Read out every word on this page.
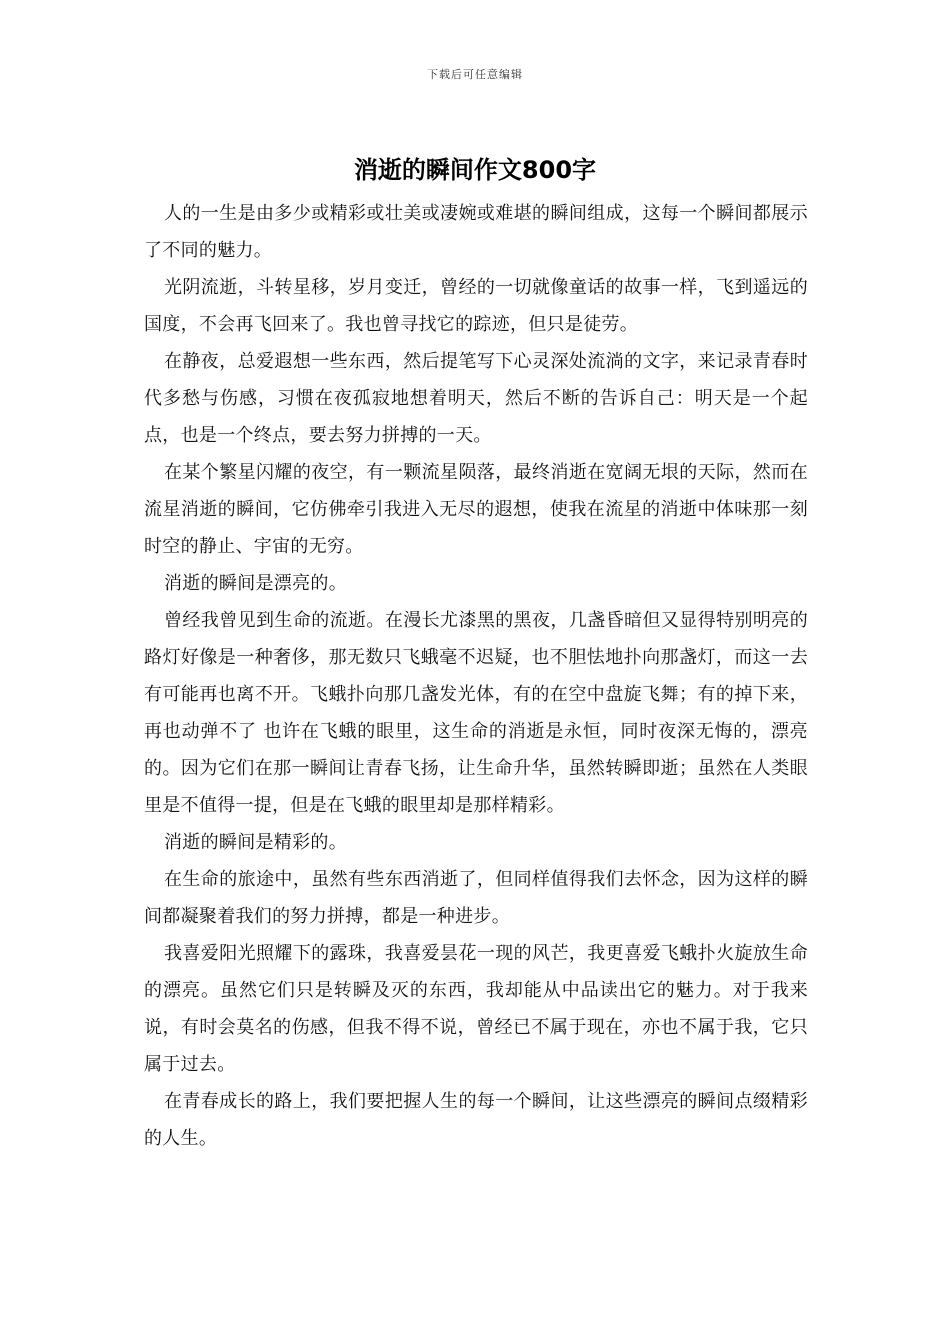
下载后可任意编辑
消逝的瞬间作文800字

人的一生是由多少或精彩或壮美或凄婉或难堪的瞬间组成，这每一个瞬间都展示了不同的魅力。

光阴流逝，斗转星移，岁月变迁，曾经的一切就像童话的故事一样，飞到遥远的国度，不会再飞回来了。我也曾寻找它的踪迹，但只是徒劳。

在静夜，总爱遐想一些东西，然后提笔写下心灵深处流淌的文字，来记录青春时代多愁与伤感，习惯在夜孤寂地想着明天，然后不断的告诉自己：明天是一个起点，也是一个终点，要去努力拼搏的一天。

在某个繁星闪耀的夜空，有一颗流星陨落，最终消逝在宽阔无垠的天际，然而在流星消逝的瞬间，它仿佛牵引我进入无尽的遐想，使我在流星的消逝中体味那一刻时空的静止、宇宙的无穷。

消逝的瞬间是漂亮的。

曾经我曾见到生命的流逝。在漫长尤漆黑的黑夜，几盏昏暗但又显得特别明亮的路灯好像是一种奢侈，那无数只飞蛾毫不迟疑，也不胆怯地扑向那盏灯，而这一去有可能再也离不开。飞蛾扑向那几盏发光体，有的在空中盘旋飞舞；有的掉下来，再也动弹不了 也许在飞蛾的眼里，这生命的消逝是永恒，同时夜深无悔的，漂亮的。因为它们在那一瞬间让青春飞扬，让生命升华，虽然转瞬即逝；虽然在人类眼里是不值得一提，但是在飞蛾的眼里却是那样精彩。

消逝的瞬间是精彩的。

在生命的旅途中，虽然有些东西消逝了，但同样值得我们去怀念，因为这样的瞬间都凝聚着我们的努力拼搏，都是一种进步。

我喜爱阳光照耀下的露珠，我喜爱昙花一现的风芒，我更喜爱飞蛾扑火旋放生命的漂亮。虽然它们只是转瞬及灭的东西，我却能从中品读出它的魅力。对于我来说，有时会莫名的伤感，但我不得不说，曾经已不属于现在，亦也不属于我，它只属于过去。

在青春成长的路上，我们要把握人生的每一个瞬间，让这些漂亮的瞬间点缀精彩的人生。
